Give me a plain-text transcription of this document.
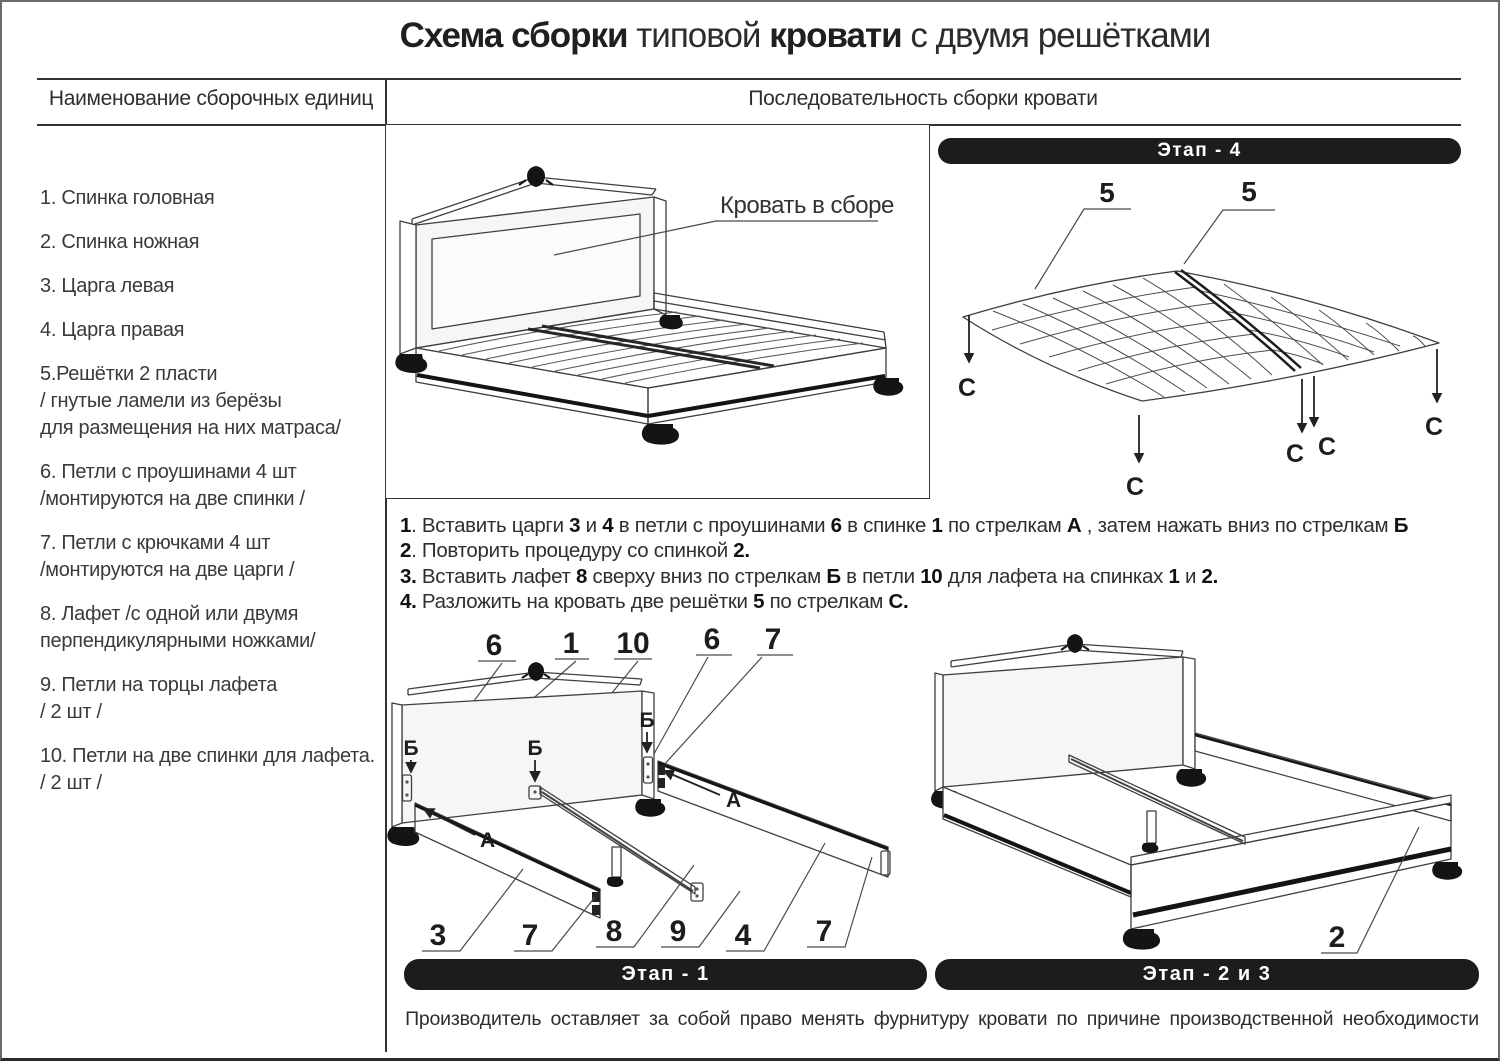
Схема сборки типовой кровати с двумя решётками
Наименование сборочных единиц	Последовательность сборки кровати
1. Спинка головная
2. Спинка ножная
3. Царга левая
4. Царга правая
5.Решётки 2 пласти
/ гнутые ламели из берёзы
для размещения на них матраса/
6. Петли с проушинами 4 шт
/монтируются на две спинки /
7. Петли с крючками 4 шт
/монтируются на две царги /
8. Лафет /с одной или двумя
перпендикулярными ножками/
9. Петли на торцы лафета
/ 2 шт /
10. Петли на две спинки для лафета.
/ 2 шт /
Кровать в сборе
Этап - 4
5	5
С
С
С С
С
1. Вставить царги 3 и 4 в петли с проушинами 6 в спинке 1 по стрелкам А , затем нажать вниз по стрелкам Б
2. Повторить процедуру со спинкой 2.
3. Вставить лафет 8 сверху вниз по стрелкам Б в петли 10 для лафета на спинках 1 и 2.
4. Разложить на кровать две решётки 5 по стрелкам С.
6 1 10 6 7
Б	Б
Б
А
А
3	7 8 9 4 7
Этап - 1
2
Этап - 2 и 3
Производитель оставляет за собой право менять фурнитуру кровати по причине производственной необходимости
